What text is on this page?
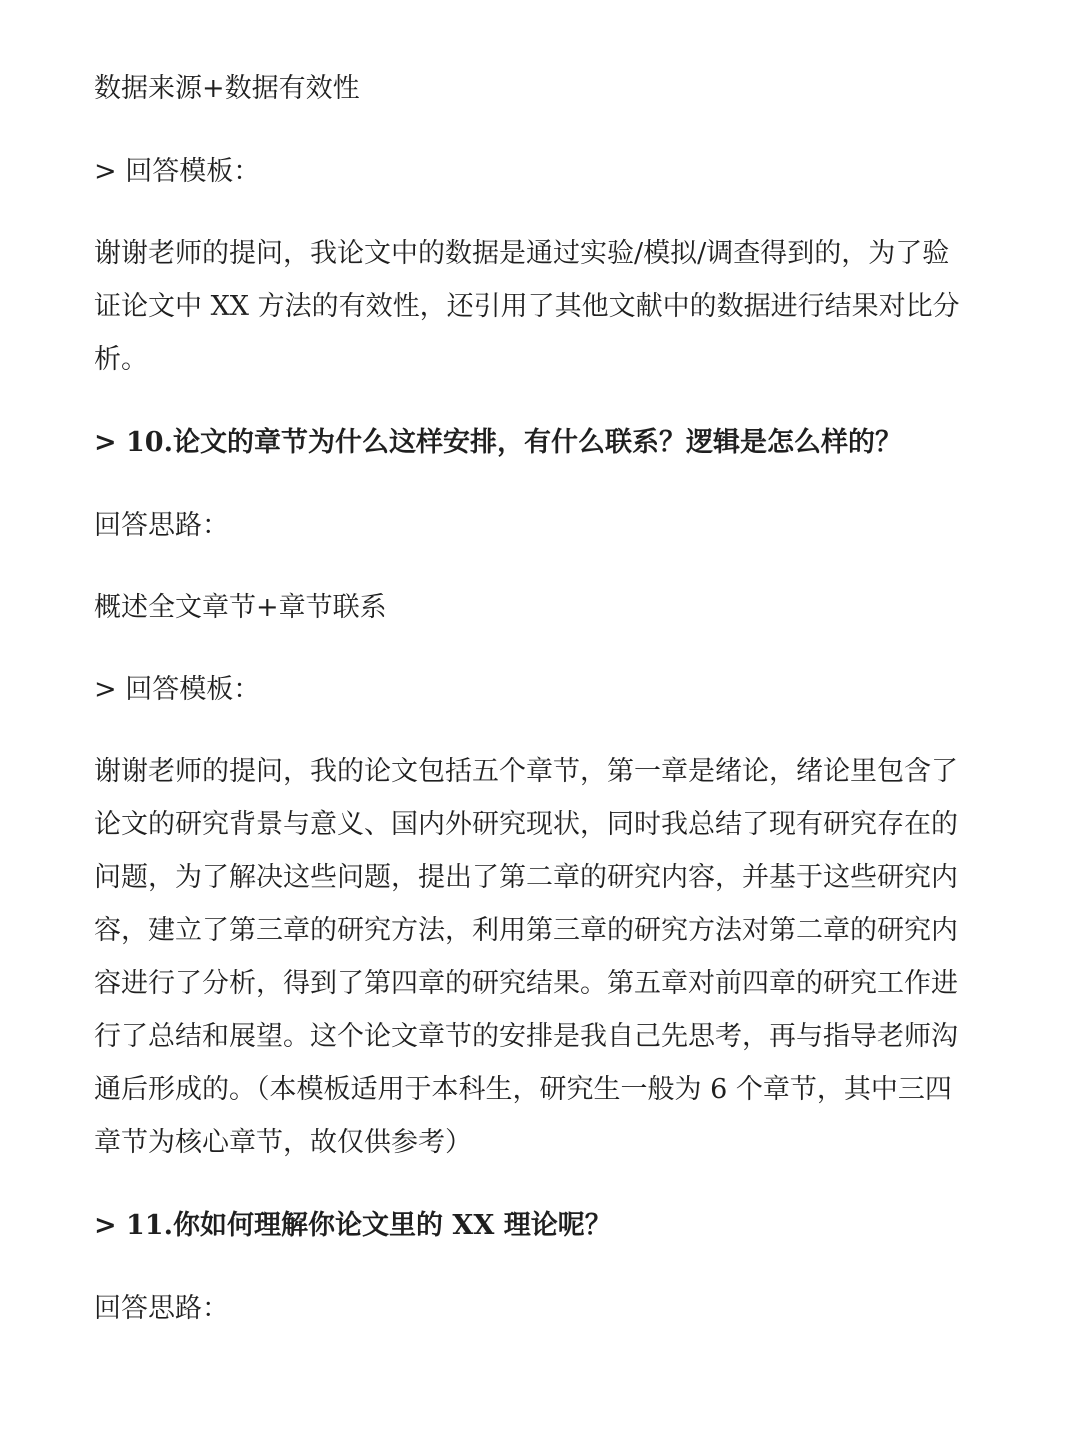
数据来源+数据有效性

> 回答模板：

谢谢老师的提问，我论文中的数据是通过实验/模拟/调查得到的，为了验

证论文中 XX 方法的有效性，还引用了其他文献中的数据进行结果对比分

析。

> 10.论文的章节为什么这样安排，有什么联系？逻辑是怎么样的？

回答思路：

概述全文章节+章节联系

> 回答模板：

谢谢老师的提问，我的论文包括五个章节，第一章是绪论，绪论里包含了

论文的研究背景与意义、国内外研究现状，同时我总结了现有研究存在的

问题，为了解决这些问题，提出了第二章的研究内容，并基于这些研究内

容，建立了第三章的研究方法，利用第三章的研究方法对第二章的研究内

容进行了分析，得到了第四章的研究结果。第五章对前四章的研究工作进

行了总结和展望。这个论文章节的安排是我自己先思考，再与指导老师沟

通后形成的。（本模板适用于本科生，研究生一般为 6 个章节，其中三四

章节为核心章节，故仅供参考）

> 11.你如何理解你论文里的 XX 理论呢？

回答思路：
